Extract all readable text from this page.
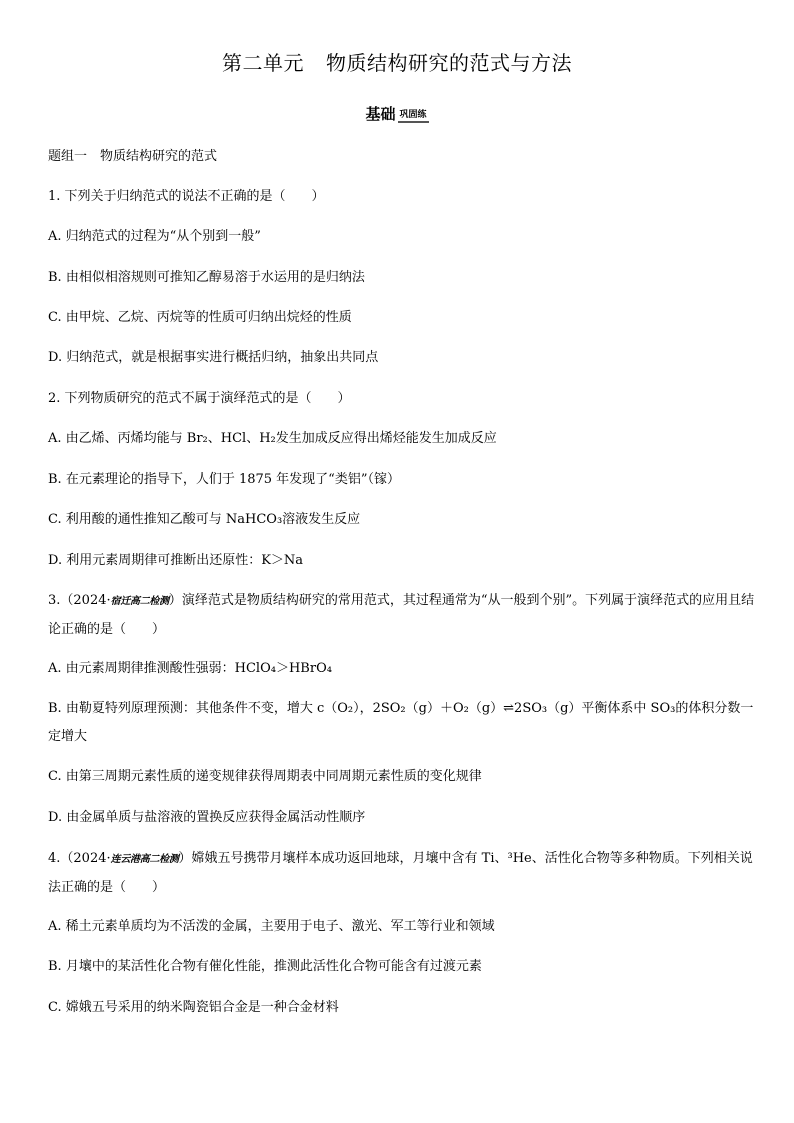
第二单元 物质结构研究的范式与方法
基础 巩固练
题组一　物质结构研究的范式
1. 下列关于归纳范式的说法不正确的是（　　）
A. 归纳范式的过程为“从个别到一般”
B. 由相似相溶规则可推知乙醇易溶于水运用的是归纳法
C. 由甲烷、乙烷、丙烷等的性质可归纳出烷烃的性质
D. 归纳范式，就是根据事实进行概括归纳，抽象出共同点
2. 下列物质研究的范式不属于演绎范式的是（　　）
A. 由乙烯、丙烯均能与 Br₂、HCl、H₂发生加成反应得出烯烃能发生加成反应
B. 在元素理论的指导下，人们于 1875 年发现了“类铝”（镓）
C. 利用酸的通性推知乙酸可与 NaHCO₃溶液发生反应
D. 利用元素周期律可推断出还原性：K＞Na
3.（2024·宿迁高二检测）演绎范式是物质结构研究的常用范式，其过程通常为“从一般到个别”。下列属于演绎范式的应用且结论正确的是（　　）
A. 由元素周期律推测酸性强弱：HClO₄＞HBrO₄
B. 由勒夏特列原理预测：其他条件不变，增大 c（O₂），2SO₂（g）＋O₂（g）⇌2SO₃（g）平衡体系中 SO₃的体积分数一定增大
C. 由第三周期元素性质的递变规律获得周期表中同周期元素性质的变化规律
D. 由金属单质与盐溶液的置换反应获得金属活动性顺序
4.（2024·连云港高二检测）嫦娥五号携带月壤样本成功返回地球，月壤中含有 Ti、³He、活性化合物等多种物质。下列相关说法正确的是（　　）
A. 稀土元素单质均为不活泼的金属，主要用于电子、激光、军工等行业和领域
B. 月壤中的某活性化合物有催化性能，推测此活性化合物可能含有过渡元素
C. 嫦娥五号采用的纳米陶瓷铝合金是一种合金材料
